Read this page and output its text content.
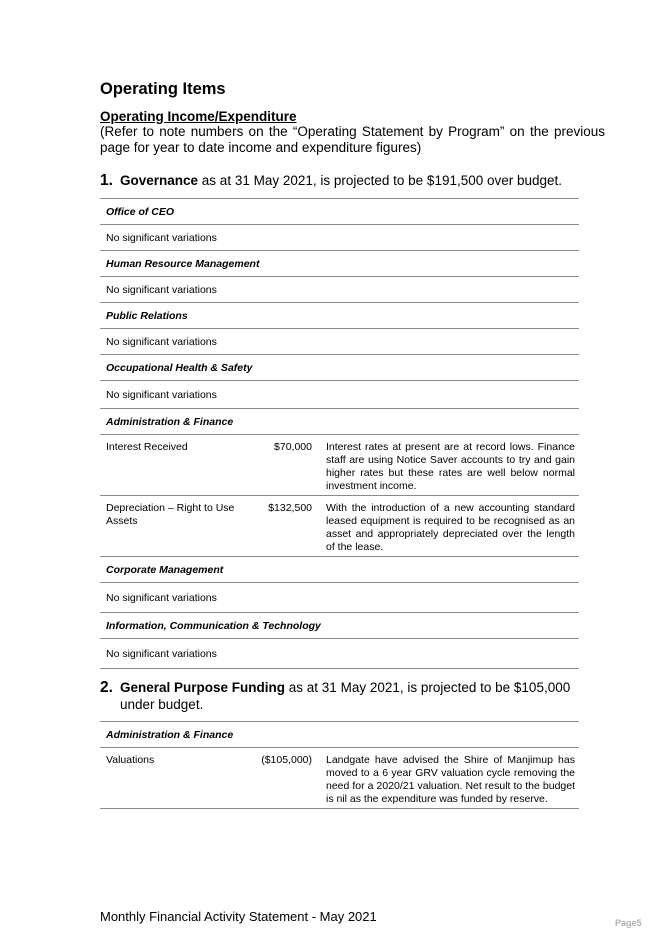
Operating Items
Operating Income/Expenditure
(Refer to note numbers on the “Operating Statement by Program” on the previous page for year to date income and expenditure figures)
1. Governance as at 31 May 2021, is projected to be $191,500 over budget.
Office of CEO		
No significant variations		
Human Resource Management		
No significant variations		
Public Relations		
No significant variations		
Occupational Health & Safety		
No significant variations		
Administration & Finance		
Interest Received	$70,000	Interest rates at present are at record lows. Finance staff are using Notice Saver accounts to try and gain higher rates but these rates are well below normal investment income.
Depreciation – Right to Use Assets	$132,500	With the introduction of a new accounting standard leased equipment is required to be recognised as an asset and appropriately depreciated over the length of the lease.
Corporate Management		
No significant variations		
Information, Communication & Technology		
No significant variations		
2. General Purpose Funding as at 31 May 2021, is projected to be $105,000 under budget.
Administration & Finance
Valuations	($105,000)	Landgate have advised the Shire of Manjimup has moved to a 6 year GRV valuation cycle removing the need for a 2020/21 valuation. Net result to the budget is nil as the expenditure was funded by reserve.
Monthly Financial Activity Statement - May 2021	Page5
